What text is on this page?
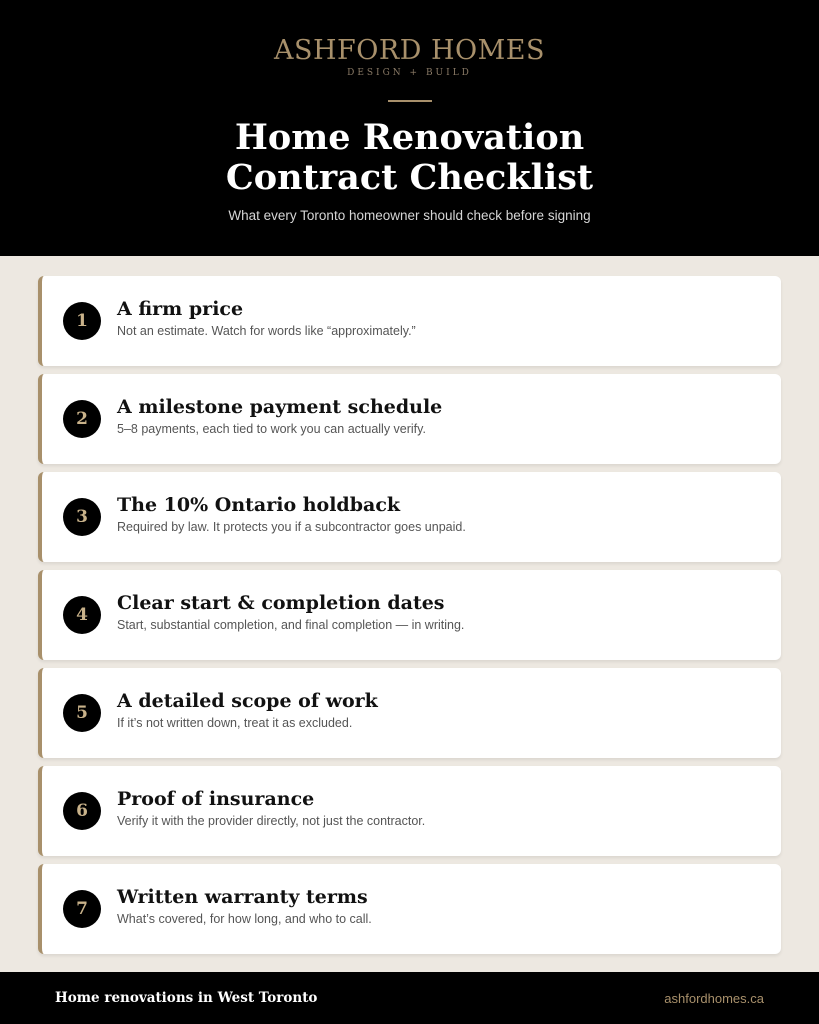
ASHFORD HOMES
DESIGN + BUILD
Home Renovation
Contract Checklist
What every Toronto homeowner should check before signing
1
A firm price
Not an estimate. Watch for words like “approximately.”
2
A milestone payment schedule
5–8 payments, each tied to work you can actually verify.
3
The 10% Ontario holdback
Required by law. It protects you if a subcontractor goes unpaid.
4
Clear start & completion dates
Start, substantial completion, and final completion — in writing.
5
A detailed scope of work
If it’s not written down, treat it as excluded.
6
Proof of insurance
Verify it with the provider directly, not just the contractor.
7
Written warranty terms
What’s covered, for how long, and who to call.
Home renovations in West Toronto	ashfordhomes.ca
